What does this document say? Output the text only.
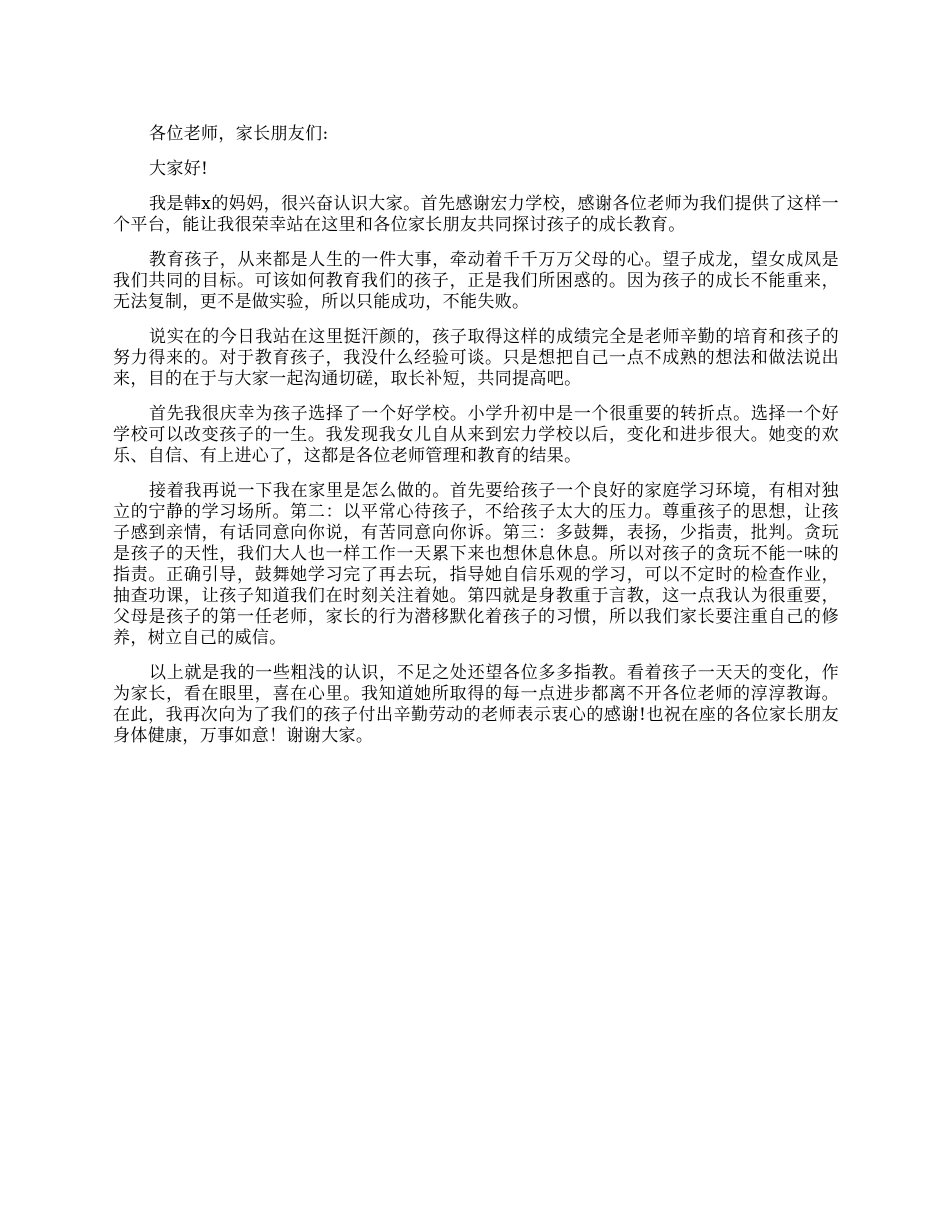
各位老师，家长朋友们:

大家好!

我是韩x的妈妈，很兴奋认识大家。首先感谢宏力学校，感谢各位老师为我们提供了这样一个平台，能让我很荣幸站在这里和各位家长朋友共同探讨孩子的成长教育。

教育孩子，从来都是人生的一件大事，牵动着千千万万父母的心。望子成龙，望女成凤是我们共同的目标。可该如何教育我们的孩子，正是我们所困惑的。因为孩子的成长不能重来，无法复制，更不是做实验，所以只能成功，不能失败。

说实在的今日我站在这里挺汗颜的，孩子取得这样的成绩完全是老师辛勤的培育和孩子的努力得来的。对于教育孩子，我没什么经验可谈。只是想把自己一点不成熟的想法和做法说出来，目的在于与大家一起沟通切磋，取长补短，共同提高吧。

首先我很庆幸为孩子选择了一个好学校。小学升初中是一个很重要的转折点。选择一个好学校可以改变孩子的一生。我发现我女儿自从来到宏力学校以后，变化和进步很大。她变的欢乐、自信、有上进心了，这都是各位老师管理和教育的结果。

接着我再说一下我在家里是怎么做的。首先要给孩子一个良好的家庭学习环境，有相对独立的宁静的学习场所。第二：以平常心待孩子，不给孩子太大的压力。尊重孩子的思想，让孩子感到亲情，有话同意向你说，有苦同意向你诉。第三：多鼓舞，表扬，少指责，批判。贪玩是孩子的天性，我们大人也一样工作一天累下来也想休息休息。所以对孩子的贪玩不能一味的指责。正确引导，鼓舞她学习完了再去玩，指导她自信乐观的学习，可以不定时的检查作业，抽查功课，让孩子知道我们在时刻关注着她。第四就是身教重于言教，这一点我认为很重要，父母是孩子的第一任老师，家长的行为潜移默化着孩子的习惯，所以我们家长要注重自己的修养，树立自己的威信。

以上就是我的一些粗浅的认识，不足之处还望各位多多指教。看着孩子一天天的变化，作为家长，看在眼里，喜在心里。我知道她所取得的每一点进步都离不开各位老师的淳淳教诲。在此，我再次向为了我们的孩子付出辛勤劳动的老师表示衷心的感谢!也祝在座的各位家长朋友身体健康，万事如意！谢谢大家。
